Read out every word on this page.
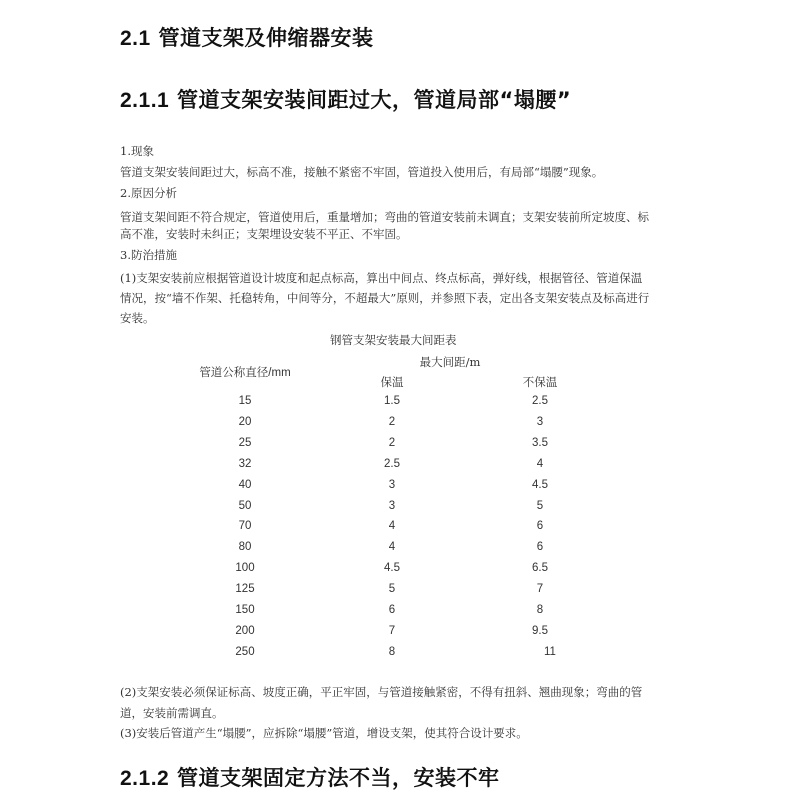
2.1 管道支架及伸缩器安装
2.1.1 管道支架安装间距过大，管道局部“塌腰”
1.现象
管道支架安装间距过大，标高不准，接触不紧密不牢固，管道投入使用后，有局部“塌腰”现象。
2.原因分析
管道支架间距不符合规定，管道使用后，重量增加；弯曲的管道安装前未调直；支架安装前所定坡度、标
高不准，安装时未纠正；支架埋设安装不平正、不牢固。
3.防治措施
(1)支架安装前应根据管道设计坡度和起点标高，算出中间点、终点标高，弹好线，根据管径、管道保温
情况，按“墙不作架、托稳转角，中间等分，不超最大”原则，并参照下表，定出各支架安装点及标高进行
安装。
钢管支架安装最大间距表
管道公称直径/mm
最大间距/m
保温	不保温
15	1.5	2.5
20	2	3
25	2	3.5
32	2.5	4
40	3	4.5
50	3	5
70	4	6
80	4	6
100	4.5	6.5
125	5	7
150	6	8
200	7	9.5
250	8	11
(2)支架安装必须保证标高、坡度正确，平正牢固，与管道接触紧密，不得有扭斜、翘曲现象；弯曲的管
道，安装前需调直。
(3)安装后管道产生“塌腰”，应拆除“塌腰”管道，增设支架，使其符合设计要求。
2.1.2 管道支架固定方法不当，安装不牢
